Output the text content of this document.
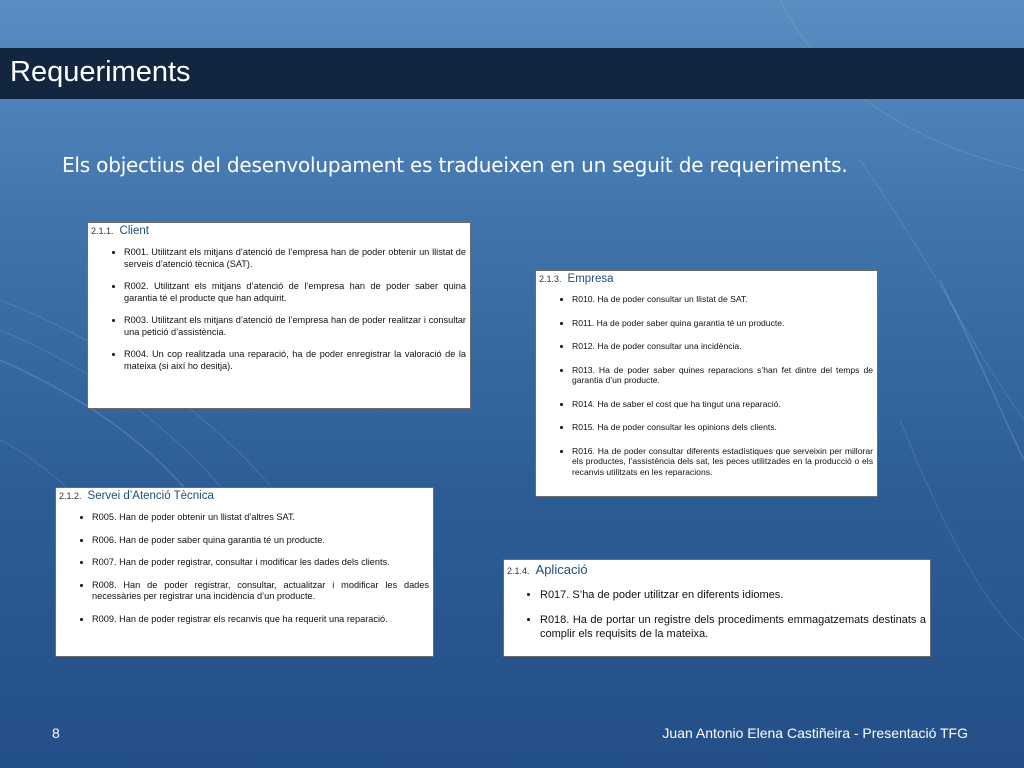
Requeriments
Els objectius del desenvolupament es tradueixen en un seguit de requeriments.
2.1.1. Client
• R001. Utilitzant els mitjans d’atenció de l’empresa han de poder obtenir un llistat de serveis d’atenció tècnica (SAT).
• R002. Utilitzant els mitjans d’atenció de l’empresa han de poder saber quina garantia té el producte que han adquirit.
• R003. Utilitzant els mitjans d’atenció de l’empresa han de poder realitzar i consultar una petició d’assistència.
• R004. Un cop realitzada una reparació, ha de poder enregistrar la valoració de la mateixa (si així ho desitja).
2.1.3. Empresa
• R010. Ha de poder consultar un llistat de SAT.
• R011. Ha de poder saber quina garantia té un producte.
• R012. Ha de poder consultar una incidència.
• R013. Ha de poder saber quines reparacions s’han fet dintre del temps de garantia d’un producte.
• R014. Ha de saber el cost que ha tingut una reparació.
• R015. Ha de poder consultar les opinions dels clients.
• R016. Ha de poder consultar diferents estadístiques que serveixin per millorar els productes, l’assistència dels sat, les peces utilitzades en la producció o els recanvis utilitzats en les reparacions.
2.1.2. Servei d’Atenció Tècnica
• R005. Han de poder obtenir un llistat d’altres SAT.
• R006. Han de poder saber quina garantia té un producte.
• R007. Han de poder registrar, consultar i modificar les dades dels clients.
• R008. Han de poder registrar, consultar, actualitzar i modificar les dades necessàries per registrar una incidència d’un producte.
• R009. Han de poder registrar els recanvis que ha requerit una reparació.
2.1.4. Aplicació
• R017. S’ha de poder utilitzar en diferents idiomes.
• R018. Ha de portar un registre dels procediments emmagatzemats destinats a complir els requisits de la mateixa.
8	Juan Antonio Elena Castiñeira - Presentació TFG
